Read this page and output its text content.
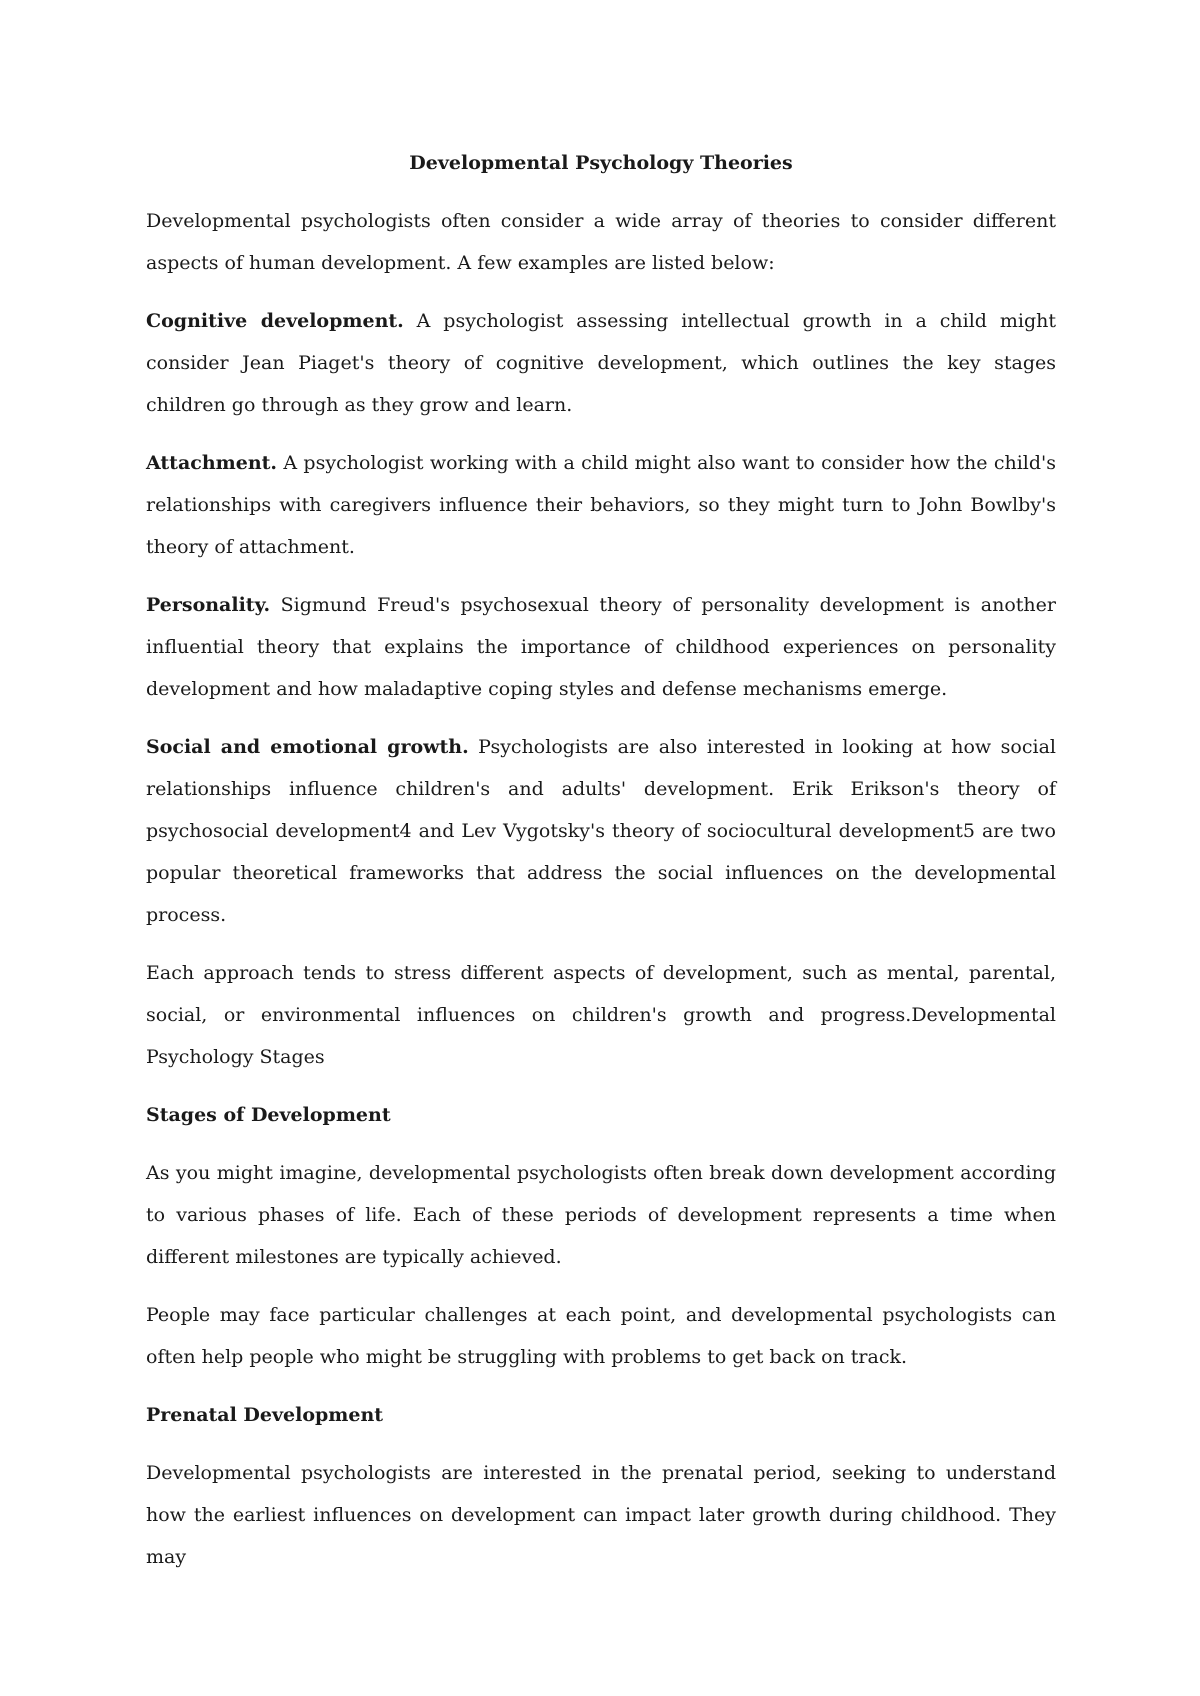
Developmental Psychology Theories

Developmental psychologists often consider a wide array of theories to consider different aspects of human development. A few examples are listed below:

Cognitive development. A psychologist assessing intellectual growth in a child might consider Jean Piaget's theory of cognitive development, which outlines the key stages children go through as they grow and learn.

Attachment. A psychologist working with a child might also want to consider how the child's relationships with caregivers influence their behaviors, so they might turn to John Bowlby's theory of attachment.

Personality. Sigmund Freud's psychosexual theory of personality development is another influential theory that explains the importance of childhood experiences on personality development and how maladaptive coping styles and defense mechanisms emerge.

Social and emotional growth. Psychologists are also interested in looking at how social relationships influence children's and adults' development. Erik Erikson's theory of psychosocial development4 and Lev Vygotsky's theory of sociocultural development5 are two popular theoretical frameworks that address the social influences on the developmental process.

Each approach tends to stress different aspects of development, such as mental, parental, social, or environmental influences on children's growth and progress.Developmental Psychology Stages

Stages of Development

As you might imagine, developmental psychologists often break down development according to various phases of life. Each of these periods of development represents a time when different milestones are typically achieved.

People may face particular challenges at each point, and developmental psychologists can often help people who might be struggling with problems to get back on track.

Prenatal Development

Developmental psychologists are interested in the prenatal period, seeking to understand how the earliest influences on development can impact later growth during childhood. They may
